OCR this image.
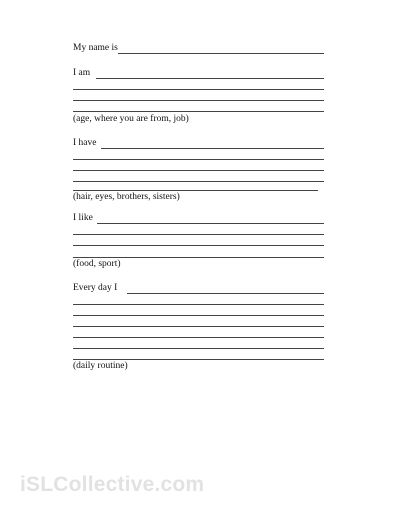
My name is
I am
(age, where you are from, job)
I have
(hair, eyes, brothers, sisters)
I like
(food, sport)
Every day I
(daily routine)
iSLCollective.com
